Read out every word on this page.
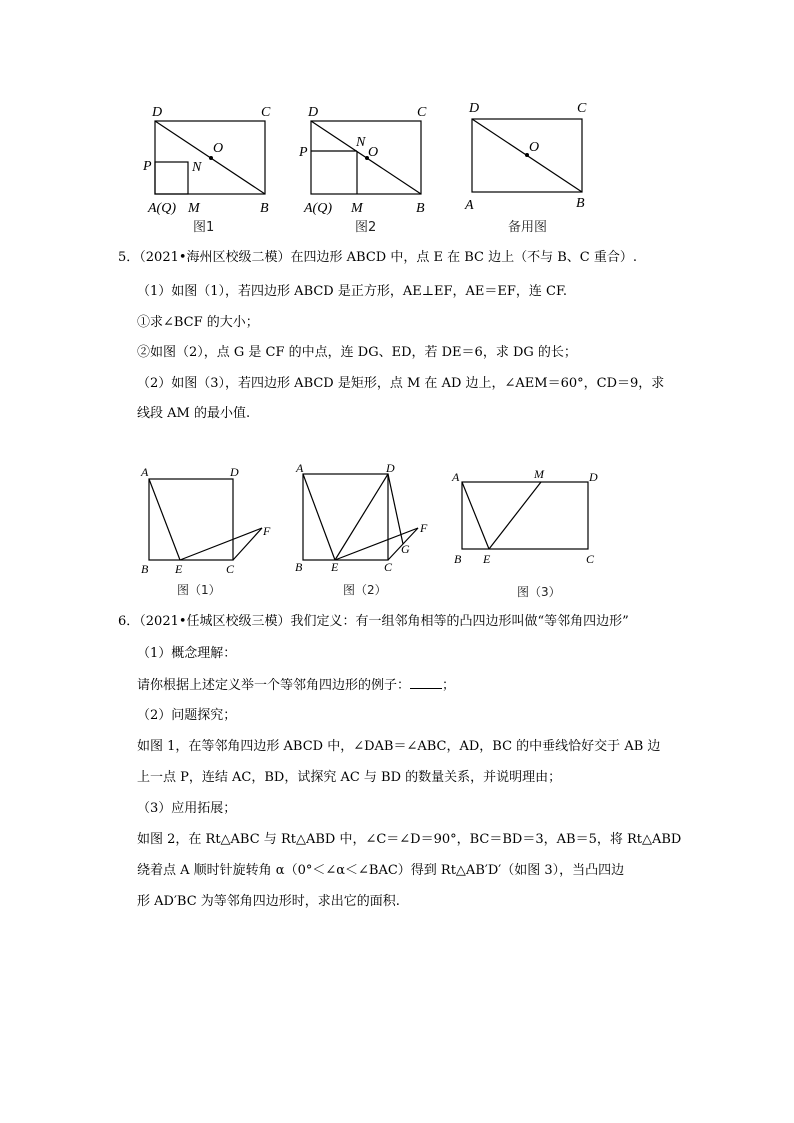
D	C
P	N
O
A(Q) M	B
图1
D	C
P
N
O
A(Q) M	B
图2
D	C
O
A	B
备用图
5．（2021•海州区校级二模）在四边形 ABCD 中，点 E 在 BC 边上（不与 B、C 重合）.
（1）如图（1），若四边形 ABCD 是正方形，AE⊥EF，AE＝EF，连 CF.
①求∠BCF 的大小；
②如图（2），点 G 是 CF 的中点，连 DG、ED，若 DE＝6，求 DG 的长；
（2）如图（3），若四边形 ABCD 是矩形，点 M 在 AD 边上，∠AEM＝60°，CD＝9，求
线段 AM 的最小值.
A	D
F
B E	C
图（1）
A	D
F
G
B E	C
图（2）
A	M	D
B E	C
图（3）
6．（2021•任城区校级三模）我们定义：有一组邻角相等的凸四边形叫做“等邻角四边形”
（1）概念理解：
请你根据上述定义举一个等邻角四边形的例子： ；
（2）问题探究；
如图 1，在等邻角四边形 ABCD 中，∠DAB＝∠ABC，AD，BC 的中垂线恰好交于 AB 边
上一点 P，连结 AC，BD，试探究 AC 与 BD 的数量关系，并说明理由；
（3）应用拓展；
如图 2，在 Rt△ABC 与 Rt△ABD 中，∠C＝∠D＝90°，BC＝BD＝3，AB＝5，将 Rt△ABD
绕着点 A 顺时针旋转角 α（0°＜∠α＜∠BAC）得到 Rt△AB′D′（如图 3），当凸四边
形 AD′BC 为等邻角四边形时，求出它的面积.
